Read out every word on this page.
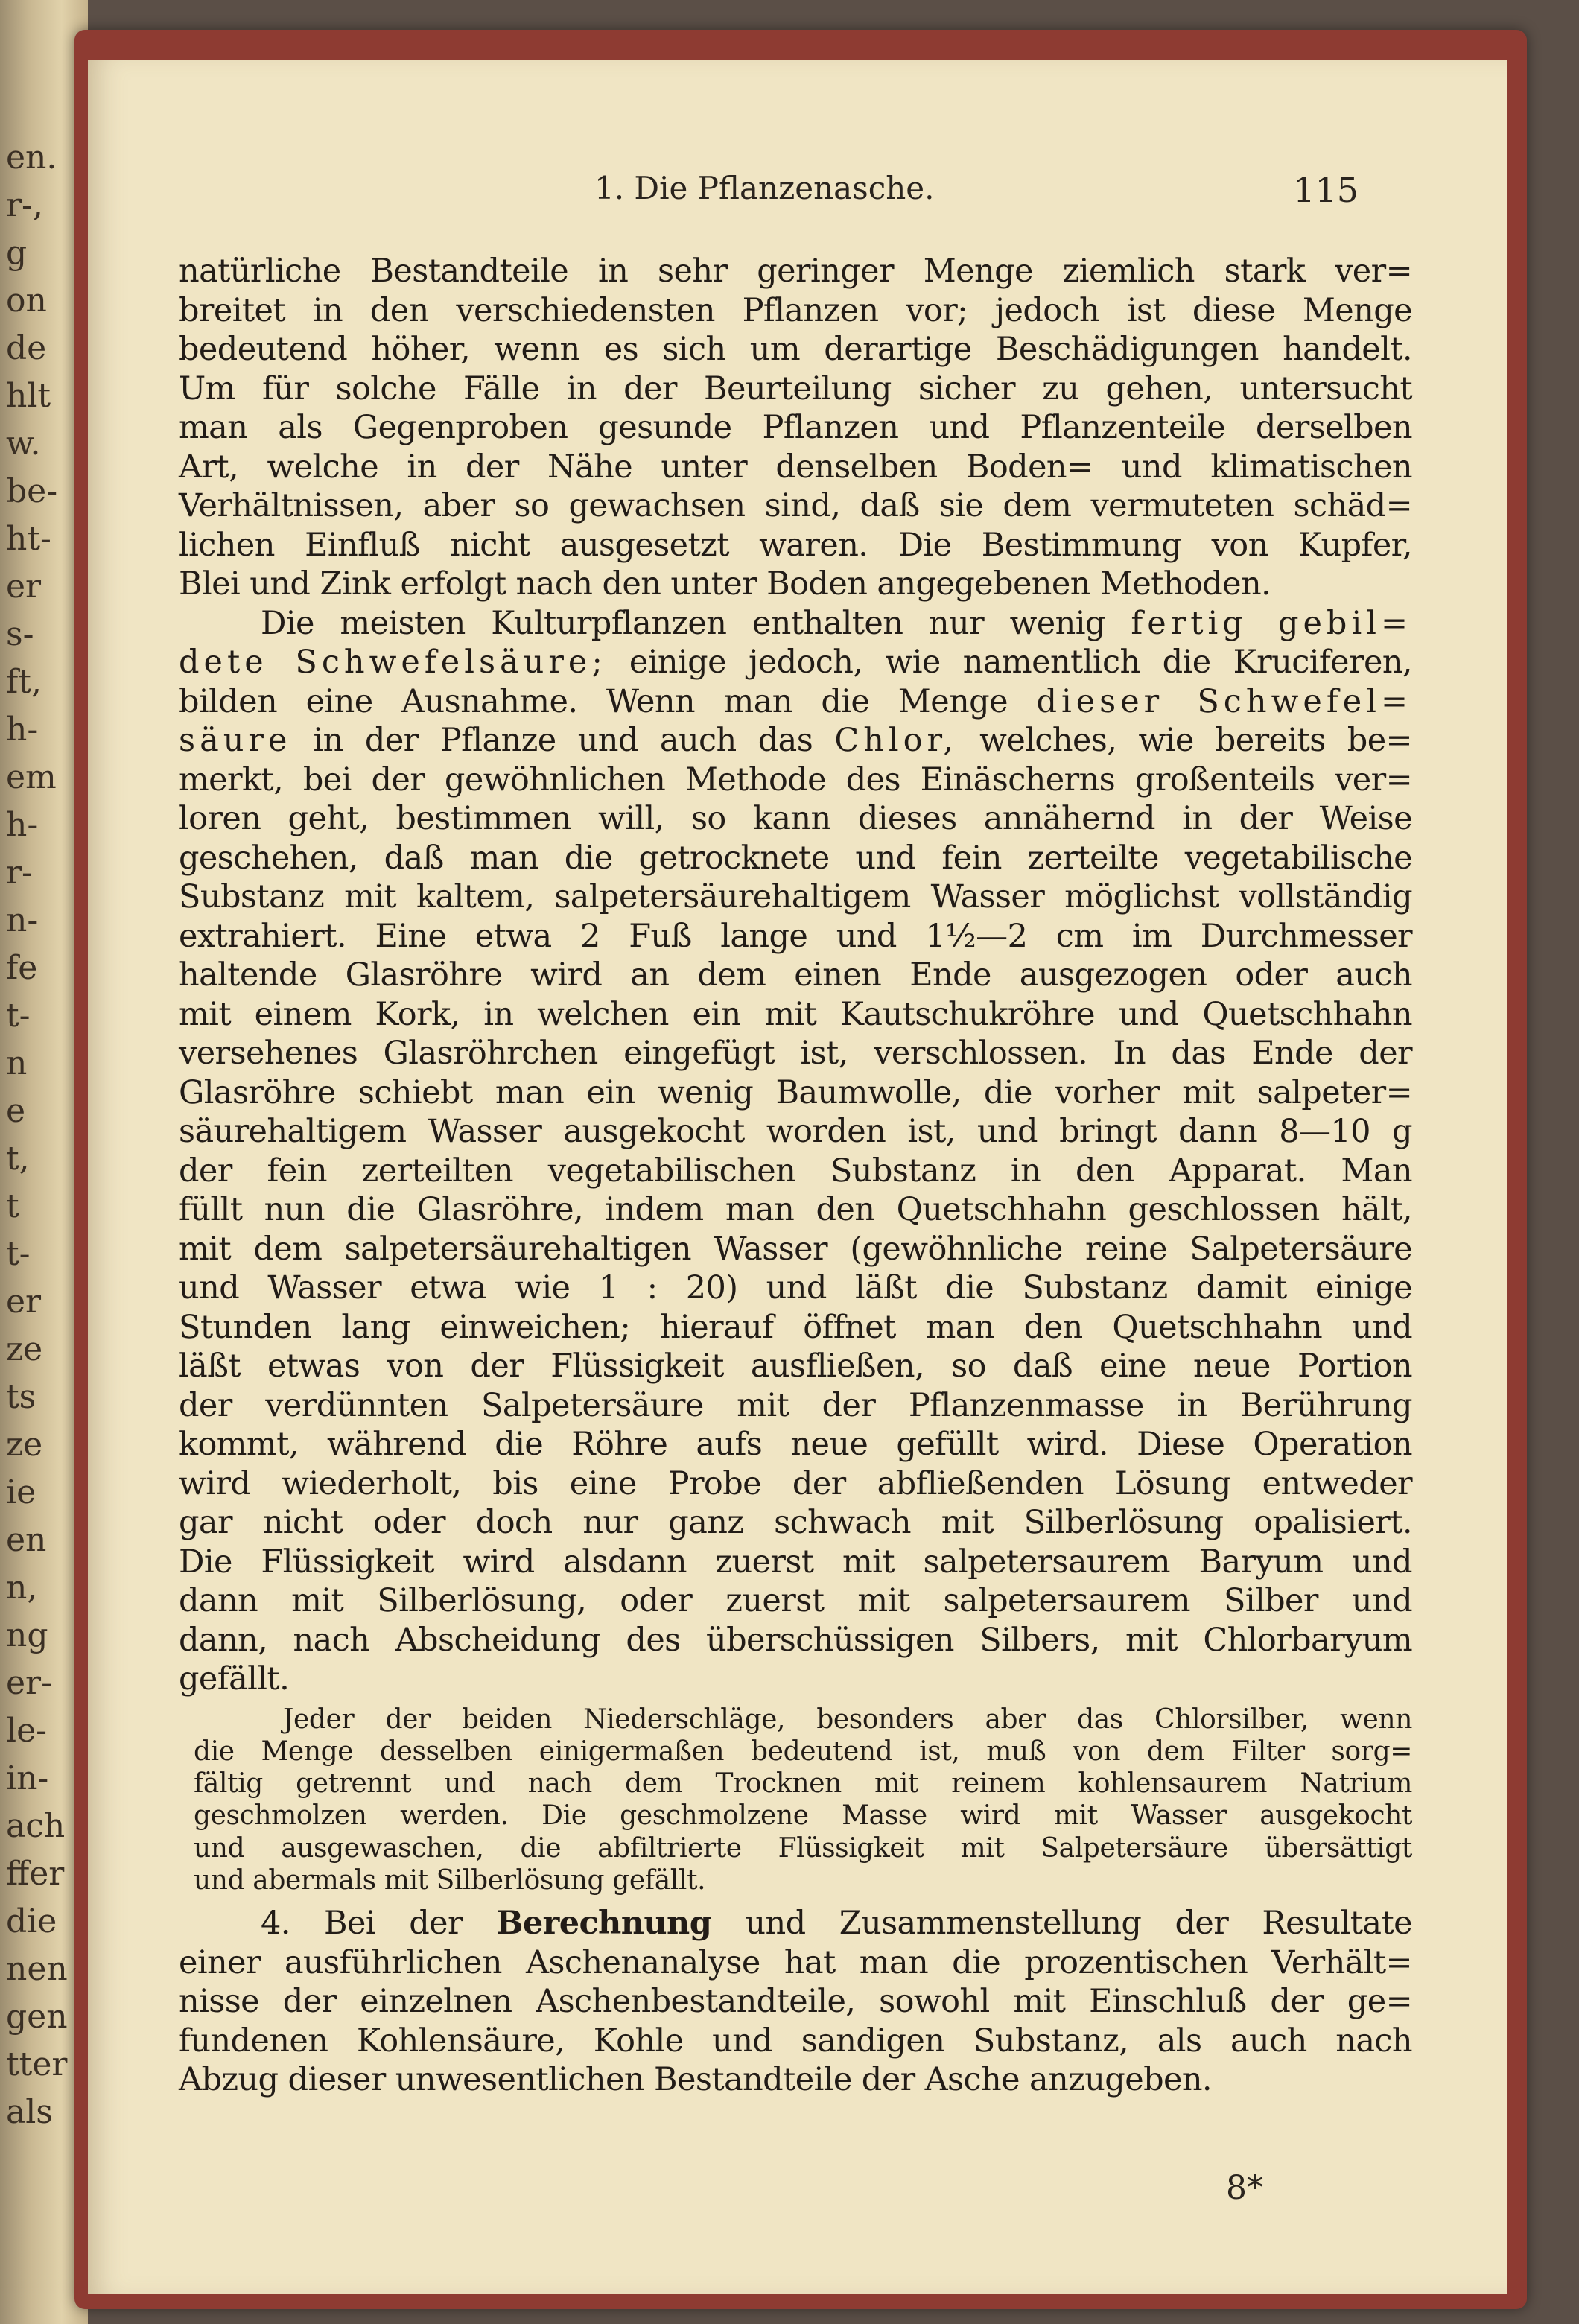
en.
r-,
g
on
de
hlt
w.
be-
ht-
er
s-
ft,
h-
em
h-
r-
n-
fe
t-
n
e
t,
t
t-
er
ze
ts
ze
ie
en
n,
ng
er-
le-
in-
ach
ffer
die
nen
gen
tter
als
1. Die Pflanzenasche.	115
natürliche Bestandteile in sehr geringer Menge ziemlich stark ver=
breitet in den verschiedensten Pflanzen vor; jedoch ist diese Menge
bedeutend höher, wenn es sich um derartige Beschädigungen handelt.
Um für solche Fälle in der Beurteilung sicher zu gehen, untersucht
man als Gegenproben gesunde Pflanzen und Pflanzenteile derselben
Art, welche in der Nähe unter denselben Boden= und klimatischen
Verhältnissen, aber so gewachsen sind, daß sie dem vermuteten schäd=
lichen Einfluß nicht ausgesetzt waren. Die Bestimmung von Kupfer,
Blei und Zink erfolgt nach den unter Boden angegebenen Methoden.
Die meisten Kulturpflanzen enthalten nur wenig fertig gebil=
dete Schwefelsäure; einige jedoch, wie namentlich die Kruciferen,
bilden eine Ausnahme. Wenn man die Menge dieser Schwefel=
säure in der Pflanze und auch das Chlor, welches, wie bereits be=
merkt, bei der gewöhnlichen Methode des Einäscherns großenteils ver=
loren geht, bestimmen will, so kann dieses annähernd in der Weise
geschehen, daß man die getrocknete und fein zerteilte vegetabilische
Substanz mit kaltem, salpetersäurehaltigem Wasser möglichst vollständig
extrahiert. Eine etwa 2 Fuß lange und 1½—2 cm im Durchmesser
haltende Glasröhre wird an dem einen Ende ausgezogen oder auch
mit einem Kork, in welchen ein mit Kautschukröhre und Quetschhahn
versehenes Glasröhrchen eingefügt ist, verschlossen. In das Ende der
Glasröhre schiebt man ein wenig Baumwolle, die vorher mit salpeter=
säurehaltigem Wasser ausgekocht worden ist, und bringt dann 8—10 g
der fein zerteilten vegetabilischen Substanz in den Apparat. Man
füllt nun die Glasröhre, indem man den Quetschhahn geschlossen hält,
mit dem salpetersäurehaltigen Wasser (gewöhnliche reine Salpetersäure
und Wasser etwa wie 1 : 20) und läßt die Substanz damit einige
Stunden lang einweichen; hierauf öffnet man den Quetschhahn und
läßt etwas von der Flüssigkeit ausfließen, so daß eine neue Portion
der verdünnten Salpetersäure mit der Pflanzenmasse in Berührung
kommt, während die Röhre aufs neue gefüllt wird. Diese Operation
wird wiederholt, bis eine Probe der abfließenden Lösung entweder
gar nicht oder doch nur ganz schwach mit Silberlösung opalisiert.
Die Flüssigkeit wird alsdann zuerst mit salpetersaurem Baryum und
dann mit Silberlösung, oder zuerst mit salpetersaurem Silber und
dann, nach Abscheidung des überschüssigen Silbers, mit Chlorbaryum
gefällt.
Jeder der beiden Niederschläge, besonders aber das Chlorsilber, wenn
die Menge desselben einigermaßen bedeutend ist, muß von dem Filter sorg=
fältig getrennt und nach dem Trocknen mit reinem kohlensaurem Natrium
geschmolzen werden. Die geschmolzene Masse wird mit Wasser ausgekocht
und ausgewaschen, die abfiltrierte Flüssigkeit mit Salpetersäure übersättigt
und abermals mit Silberlösung gefällt.
4. Bei der Berechnung und Zusammenstellung der Resultate
einer ausführlichen Aschenanalyse hat man die prozentischen Verhält=
nisse der einzelnen Aschenbestandteile, sowohl mit Einschluß der ge=
fundenen Kohlensäure, Kohle und sandigen Substanz, als auch nach
Abzug dieser unwesentlichen Bestandteile der Asche anzugeben.
8*
